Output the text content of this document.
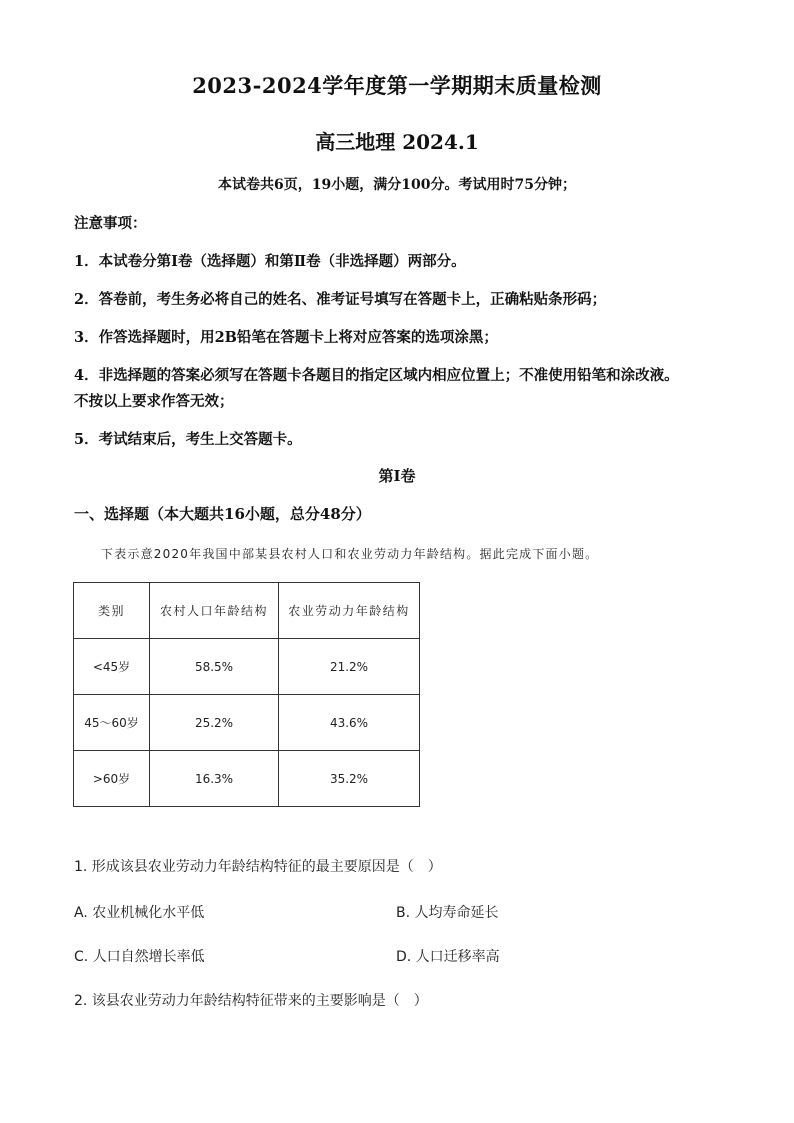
2023-2024学年度第一学期期末质量检测
高三地理 2024.1
本试卷共6页，19小题，满分100分。考试用时75分钟；
注意事项：
1．本试卷分第Ⅰ卷（选择题）和第Ⅱ卷（非选择题）两部分。
2．答卷前，考生务必将自己的姓名、准考证号填写在答题卡上，正确粘贴条形码；
3．作答选择题时，用2B铅笔在答题卡上将对应答案的选项涂黑；
4．非选择题的答案必须写在答题卡各题目的指定区域内相应位置上；不准使用铅笔和涂改液。
不按以上要求作答无效；
5．考试结束后，考生上交答题卡。
第Ⅰ卷
一、选择题（本大题共16小题，总分48分）
下表示意2020年我国中部某县农村人口和农业劳动力年龄结构。据此完成下面小题。
类别	农村人口年龄结构	农业劳动力年龄结构
<45岁	58.5%	21.2%
45～60岁	25.2%	43.6%
>60岁	16.3%	35.2%
1. 形成该县农业劳动力年龄结构特征的最主要原因是（　）
A. 农业机械化水平低	B. 人均寿命延长
C. 人口自然增长率低	D. 人口迁移率高
2. 该县农业劳动力年龄结构特征带来的主要影响是（　）
